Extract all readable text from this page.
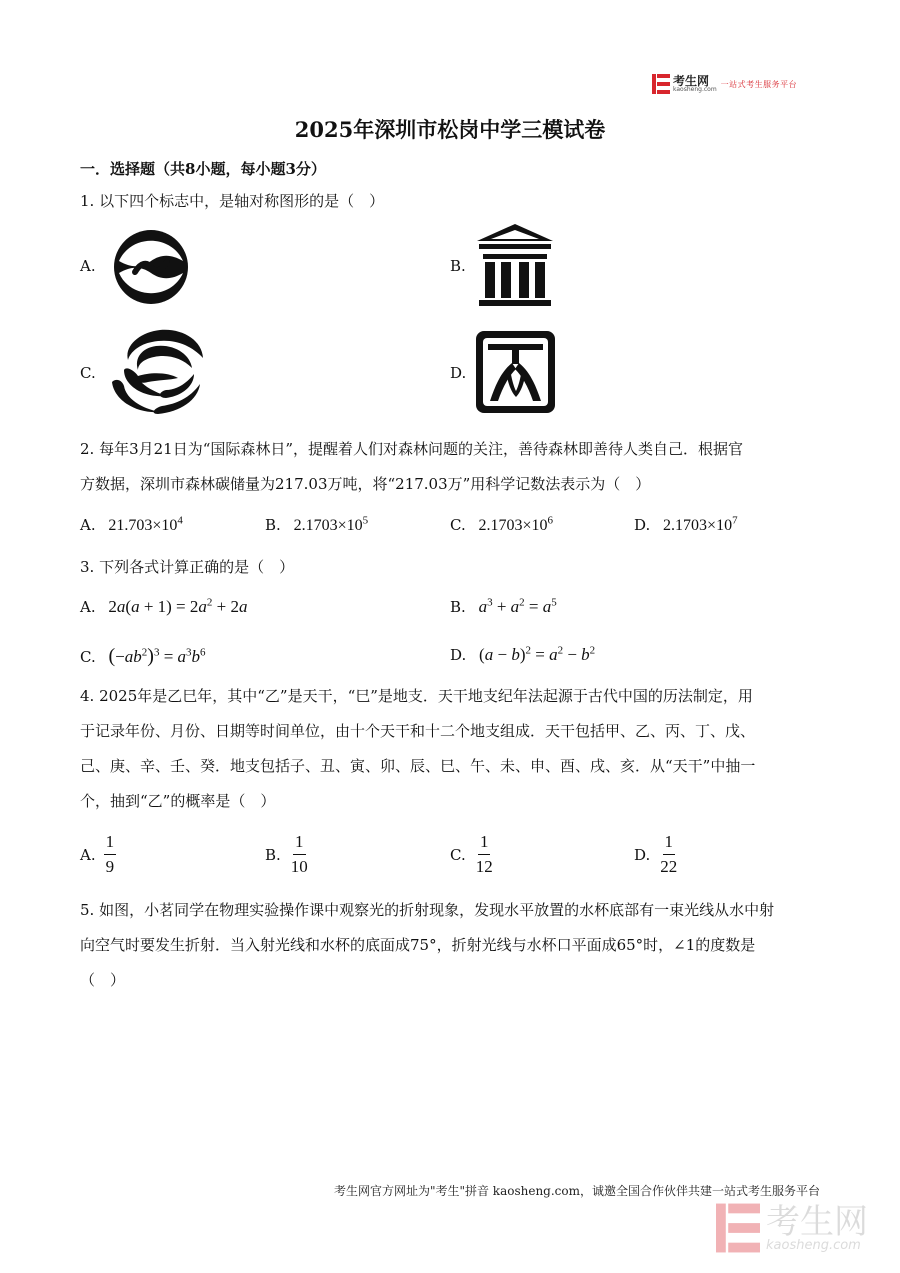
考生网
kaosheng.com
一站式考生服务平台
2025年深圳市松岗中学三模试卷
一．选择题（共8小题，每小题3分）
1. 以下四个标志中，是轴对称图形的是（　）
A.	B.
C.	D.
2. 每年3月21日为“国际森林日”，提醒着人们对森林问题的关注，善待森林即善待人类自己．根据官
方数据，深圳市森林碳储量为217.03万吨，将“217.03万”用科学记数法表示为（　）
A. $21.703\times 10^4$	B. $2.1703\times 10^5$	C. $2.1703\times 10^6$	D. $2.1703\times 10^7$
3. 下列各式计算正确的是（　）
A. $2a(a + 1) = 2a^2 + 2a$	B. $a^3 + a^2 = a^5$
C. $(-ab^2)^3 = a^3b^6$	D. $(a - b)^2 = a^2 - b^2$
4. 2025年是乙巳年，其中“乙”是天干，“巳”是地支．天干地支纪年法起源于古代中国的历法制定，用
于记录年份、月份、日期等时间单位，由十个天干和十二个地支组成．天干包括甲、乙、丙、丁、戊、
己、庚、辛、壬、癸．地支包括子、丑、寅、卯、辰、巳、午、未、申、酉、戌、亥．从“天干”中抽一
个，抽到“乙”的概率是（　）
A. $\frac{1}{9}$	B. $\frac{1}{10}$	C. $\frac{1}{12}$	D. $\frac{1}{22}$
5. 如图，小茗同学在物理实验操作课中观察光的折射现象，发现水平放置的水杯底部有一束光线从水中射
向空气时要发生折射．当入射光线和水杯的底面成75°，折射光线与水杯口平面成65°时，∠1的度数是
（　）
考生网官方网址为"考生"拼音 kaosheng.com，诚邀全国合作伙伴共建一站式考生服务平台
考生网
kaosheng.com
